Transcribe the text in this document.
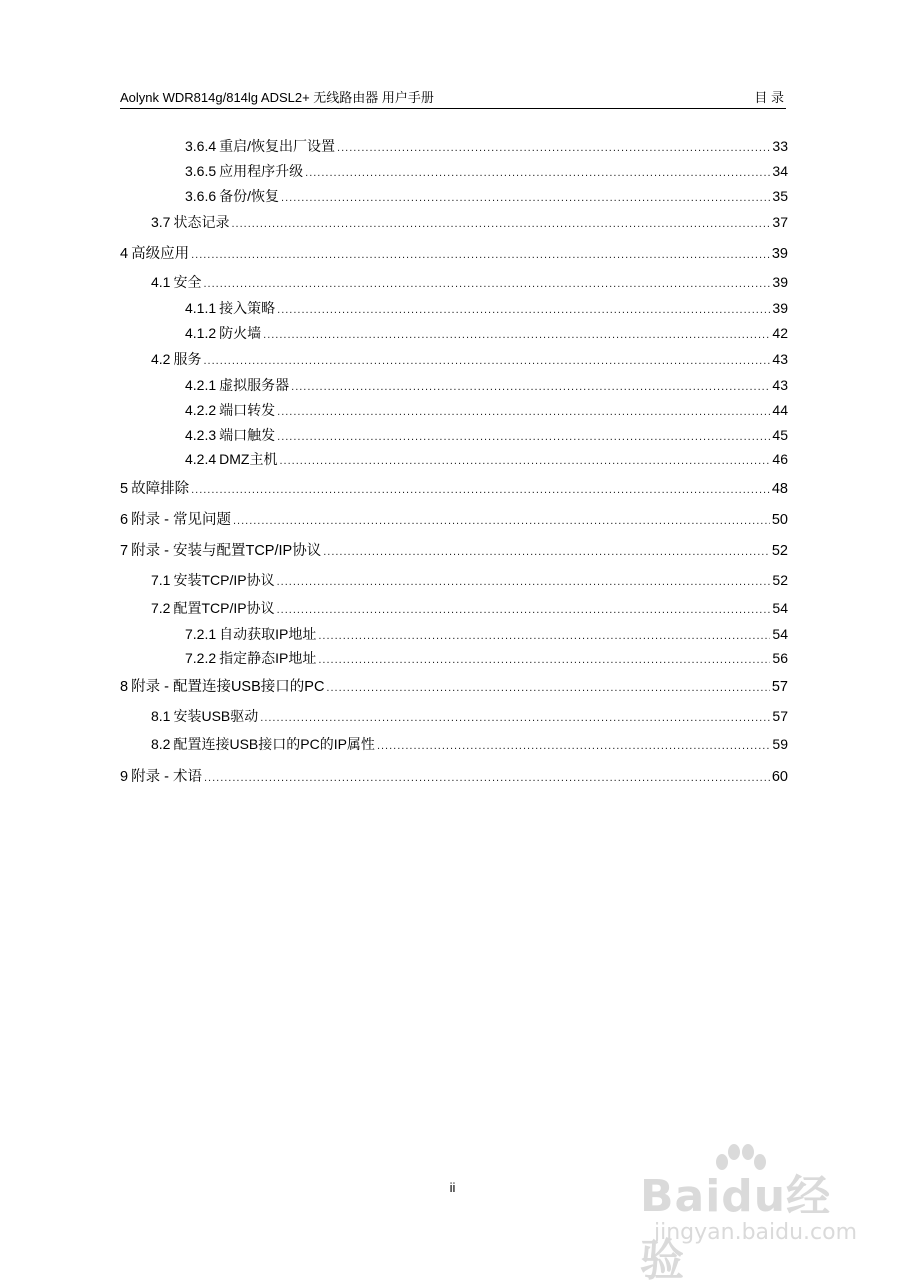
Aolynk WDR814g/814lg ADSL2+ 无线路由器 用户手册	目 录
3.6.4 重启/恢复出厂设置 .....	33
3.6.5 应用程序升级 .....	34
3.6.6 备份/恢复 .....	35
3.7 状态记录 .....	37
4 高级应用 .....	39
4.1 安全 .....	39
4.1.1 接入策略 .....	39
4.1.2 防火墙 .....	42
4.2 服务 .....	43
4.2.1 虚拟服务器 .....	43
4.2.2 端口转发 .....	44
4.2.3 端口触发 .....	45
4.2.4 DMZ主机 .....	46
5 故障排除 .....	48
6 附录 - 常见问题 .....	50
7 附录 - 安装与配置TCP/IP协议 .....	52
7.1 安装TCP/IP协议 .....	52
7.2 配置TCP/IP协议 .....	54
7.2.1 自动获取IP地址 .....	54
7.2.2 指定静态IP地址 .....	56
8 附录 - 配置连接USB接口的PC .....	57
8.1 安装USB驱动 .....	57
8.2 配置连接USB接口的PC的IP属性 .....	59
9 附录 - 术语 .....	60
ii	Baidu经验
jingyan.baidu.com
